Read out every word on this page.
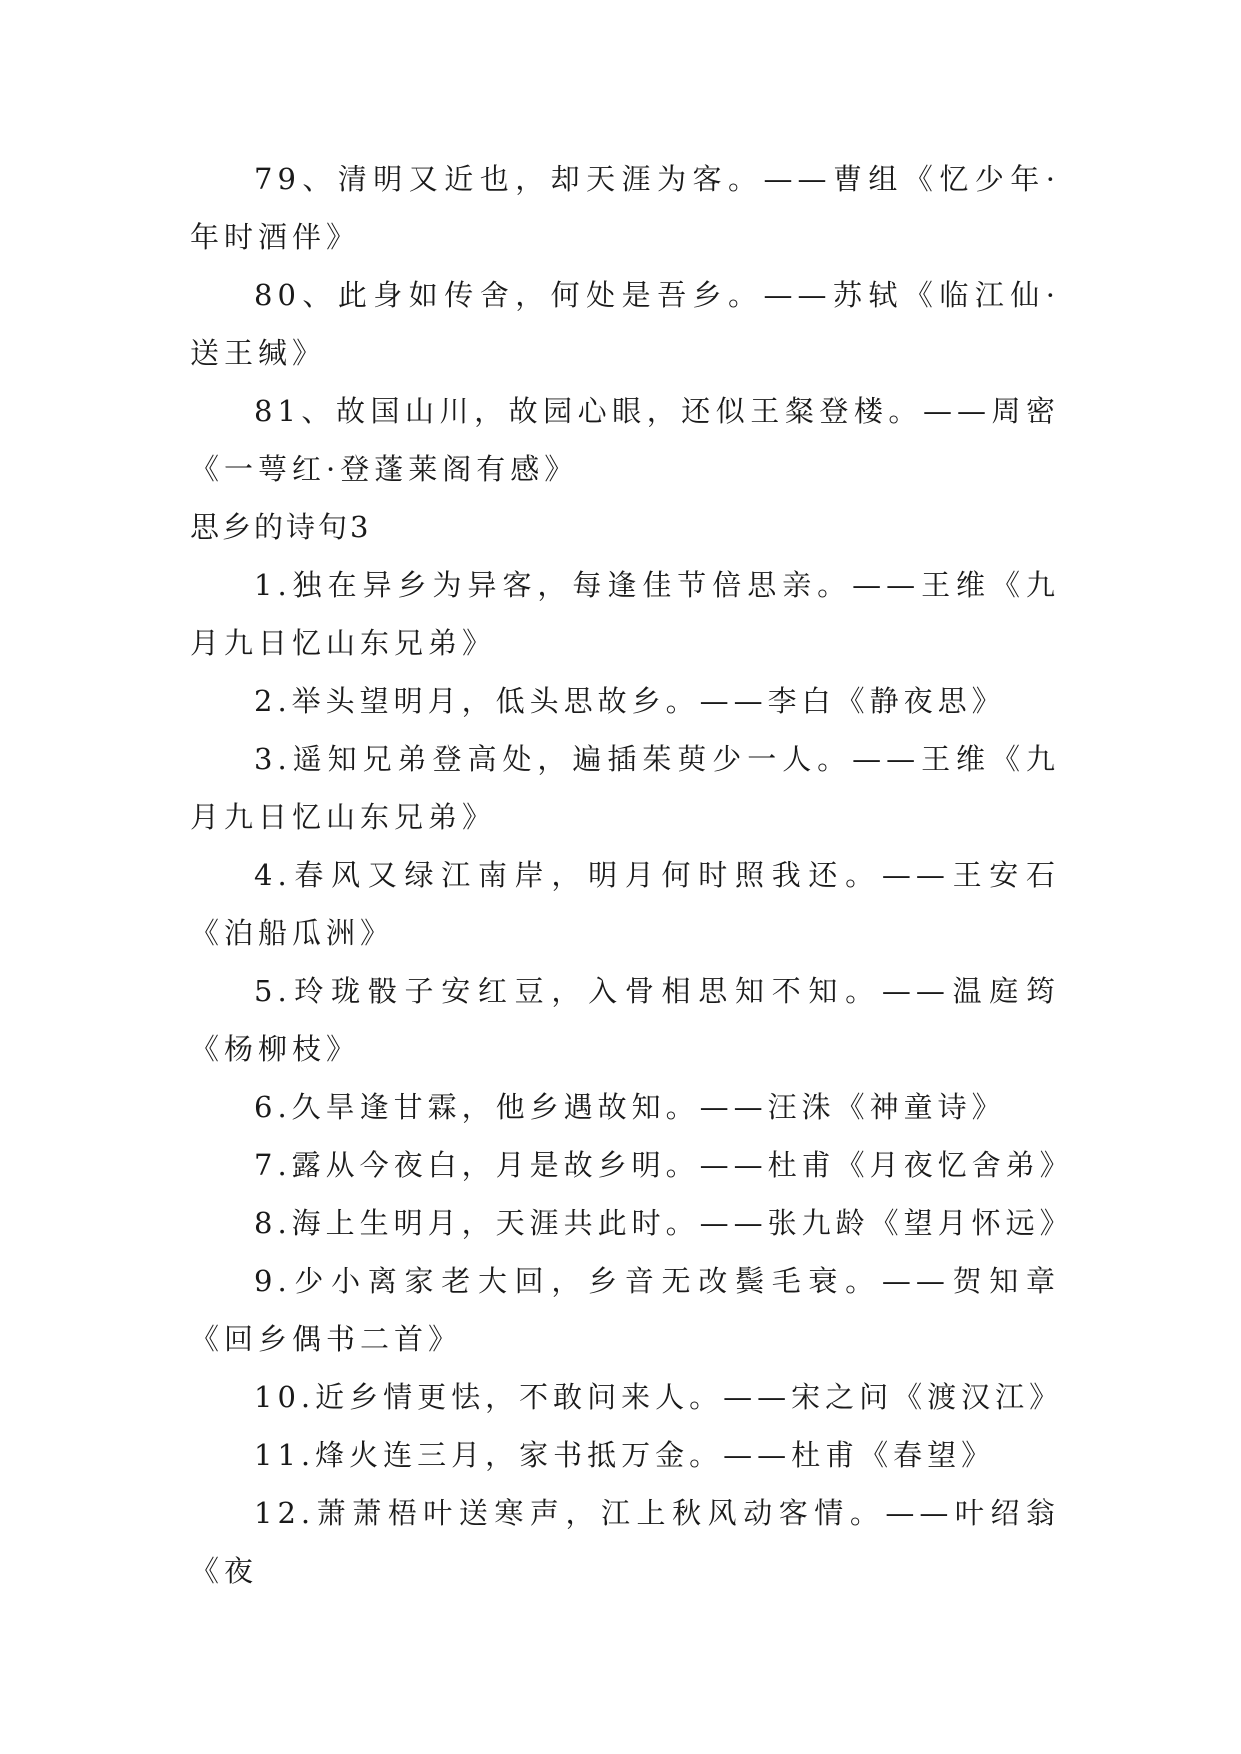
79、清明又近也，却天涯为客。——曹组《忆少年·年时酒伴》

80、此身如传舍，何处是吾乡。——苏轼《临江仙·送王缄》

81、故国山川，故园心眼，还似王粲登楼。——周密《一萼红·登蓬莱阁有感》

思乡的诗句3

1.独在异乡为异客，每逢佳节倍思亲。——王维《九月九日忆山东兄弟》

2.举头望明月，低头思故乡。——李白《静夜思》

3.遥知兄弟登高处，遍插茱萸少一人。——王维《九月九日忆山东兄弟》

4.春风又绿江南岸，明月何时照我还。——王安石《泊船瓜洲》

5.玲珑骰子安红豆，入骨相思知不知。——温庭筠《杨柳枝》

6.久旱逢甘霖，他乡遇故知。——汪洙《神童诗》

7.露从今夜白，月是故乡明。——杜甫《月夜忆舍弟》

8.海上生明月，天涯共此时。——张九龄《望月怀远》

9.少小离家老大回，乡音无改鬓毛衰。——贺知章《回乡偶书二首》

10.近乡情更怯，不敢问来人。——宋之问《渡汉江》

11.烽火连三月，家书抵万金。——杜甫《春望》

12.萧萧梧叶送寒声，江上秋风动客情。——叶绍翁《夜
